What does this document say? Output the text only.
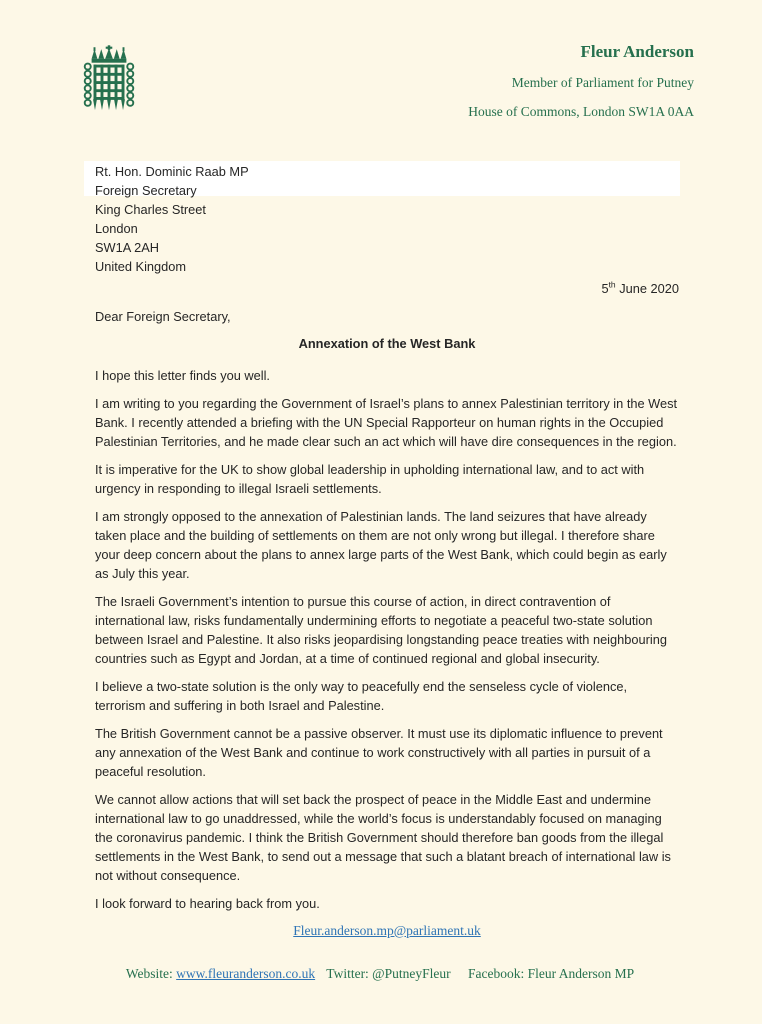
Fleur Anderson
Member of Parliament for Putney
House of Commons, London SW1A 0AA
Rt. Hon. Dominic Raab MP
Foreign Secretary
King Charles Street
London
SW1A 2AH
United Kingdom
5th June 2020

Dear Foreign Secretary,

Annexation of the West Bank

I hope this letter finds you well.

I am writing to you regarding the Government of Israel’s plans to annex Palestinian territory in the West Bank. I recently attended a briefing with the UN Special Rapporteur on human rights in the Occupied Palestinian Territories, and he made clear such an act which will have dire consequences in the region.

It is imperative for the UK to show global leadership in upholding international law, and to act with urgency in responding to illegal Israeli settlements.

I am strongly opposed to the annexation of Palestinian lands. The land seizures that have already taken place and the building of settlements on them are not only wrong but illegal. I therefore share your deep concern about the plans to annex large parts of the West Bank, which could begin as early as July this year.

The Israeli Government’s intention to pursue this course of action, in direct contravention of international law, risks fundamentally undermining efforts to negotiate a peaceful two-state solution between Israel and Palestine. It also risks jeopardising longstanding peace treaties with neighbouring countries such as Egypt and Jordan, at a time of continued regional and global insecurity.

I believe a two-state solution is the only way to peacefully end the senseless cycle of violence, terrorism and suffering in both Israel and Palestine.

The British Government cannot be a passive observer. It must use its diplomatic influence to prevent any annexation of the West Bank and continue to work constructively with all parties in pursuit of a peaceful resolution.

We cannot allow actions that will set back the prospect of peace in the Middle East and undermine international law to go unaddressed, while the world’s focus is understandably focused on managing the coronavirus pandemic. I think the British Government should therefore ban goods from the illegal settlements in the West Bank, to send out a message that such a blatant breach of international law is not without consequence.

I look forward to hearing back from you.

Fleur.anderson.mp@parliament.uk

Website: www.fleuranderson.co.uk Twitter: @PutneyFleur Facebook: Fleur Anderson MP
